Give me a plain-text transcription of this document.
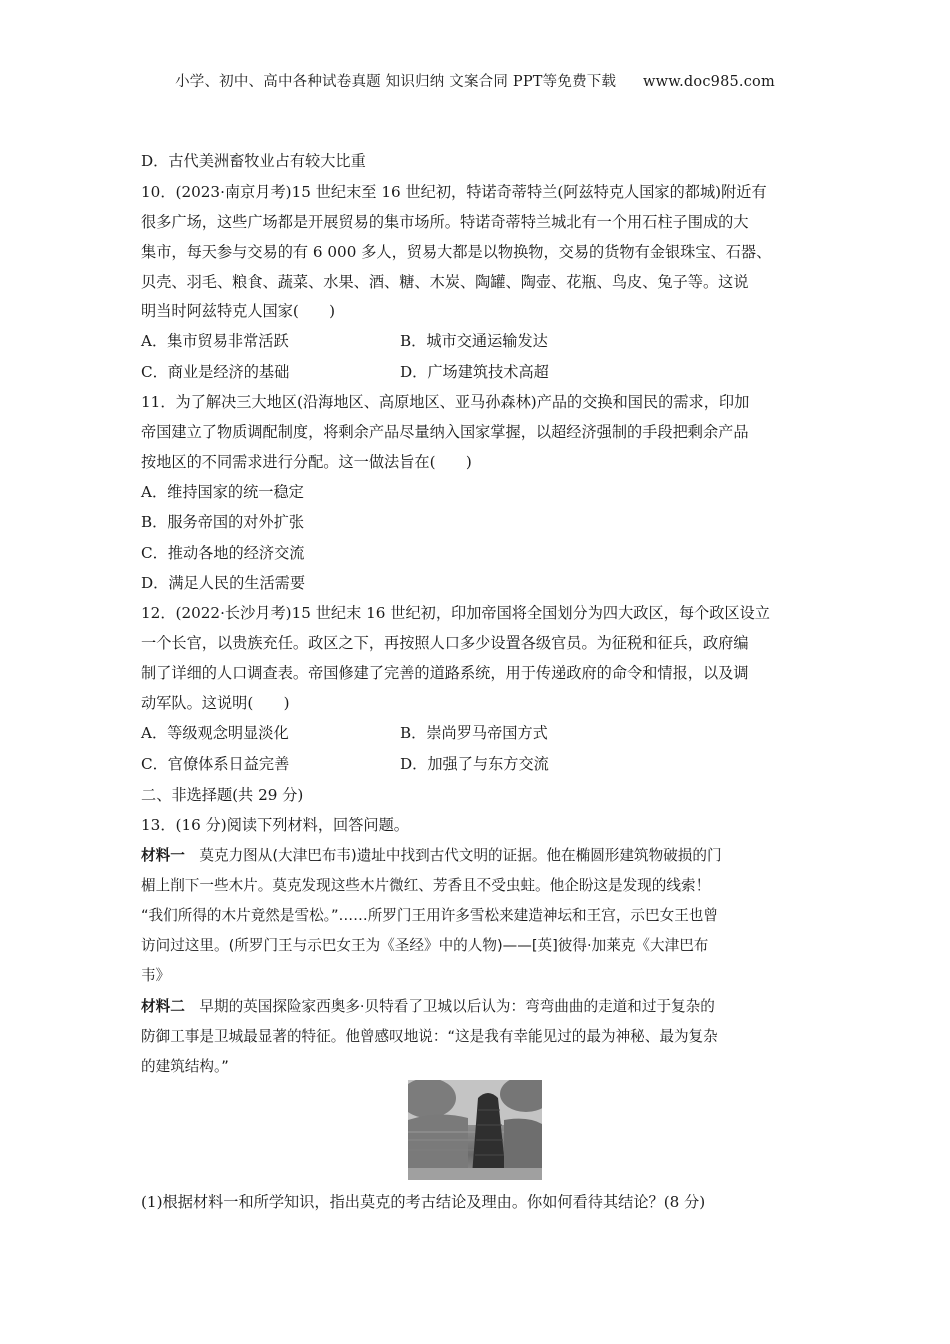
小学、初中、高中各种试卷真题 知识归纳 文案合同 PPT等免费下载 www.doc985.com
D．古代美洲畜牧业占有较大比重
10．(2023·南京月考)15 世纪末至 16 世纪初，特诺奇蒂特兰(阿兹特克人国家的都城)附近有
很多广场，这些广场都是开展贸易的集市场所。特诺奇蒂特兰城北有一个用石柱子围成的大
集市，每天参与交易的有 6 000 多人，贸易大都是以物换物，交易的货物有金银珠宝、石器、
贝壳、羽毛、粮食、蔬菜、水果、酒、糖、木炭、陶罐、陶壶、花瓶、鸟皮、兔子等。这说
明当时阿兹特克人国家(　　)
A．集市贸易非常活跃	B．城市交通运输发达
C．商业是经济的基础	D．广场建筑技术高超
11．为了解决三大地区(沿海地区、高原地区、亚马孙森林)产品的交换和国民的需求，印加
帝国建立了物质调配制度，将剩余产品尽量纳入国家掌握，以超经济强制的手段把剩余产品
按地区的不同需求进行分配。这一做法旨在(　　)
A．维持国家的统一稳定
B．服务帝国的对外扩张
C．推动各地的经济交流
D．满足人民的生活需要
12．(2022·长沙月考)15 世纪末 16 世纪初，印加帝国将全国划分为四大政区，每个政区设立
一个长官，以贵族充任。政区之下，再按照人口多少设置各级官员。为征税和征兵，政府编
制了详细的人口调查表。帝国修建了完善的道路系统，用于传递政府的命令和情报，以及调
动军队。这说明(　　)
A．等级观念明显淡化	B．崇尚罗马帝国方式
C．官僚体系日益完善	D．加强了与东方交流
二、非选择题(共 29 分)
13．(16 分)阅读下列材料，回答问题。
材料一　莫克力图从(大津巴布韦)遗址中找到古代文明的证据。他在椭圆形建筑物破损的门
楣上削下一些木片。莫克发现这些木片微红、芳香且不受虫蛀。他企盼这是发现的线索！
“我们所得的木片竟然是雪松。”……所罗门王用许多雪松来建造神坛和王宫，示巴女王也曾
访问过这里。(所罗门王与示巴女王为《圣经》中的人物)——[英]彼得·加莱克《大津巴布
韦》
材料二　早期的英国探险家西奥多·贝特看了卫城以后认为：弯弯曲曲的走道和过于复杂的
防御工事是卫城最显著的特征。他曾感叹地说：“这是我有幸能见过的最为神秘、最为复杂
的建筑结构。”
(1)根据材料一和所学知识，指出莫克的考古结论及理由。你如何看待其结论？(8 分)
